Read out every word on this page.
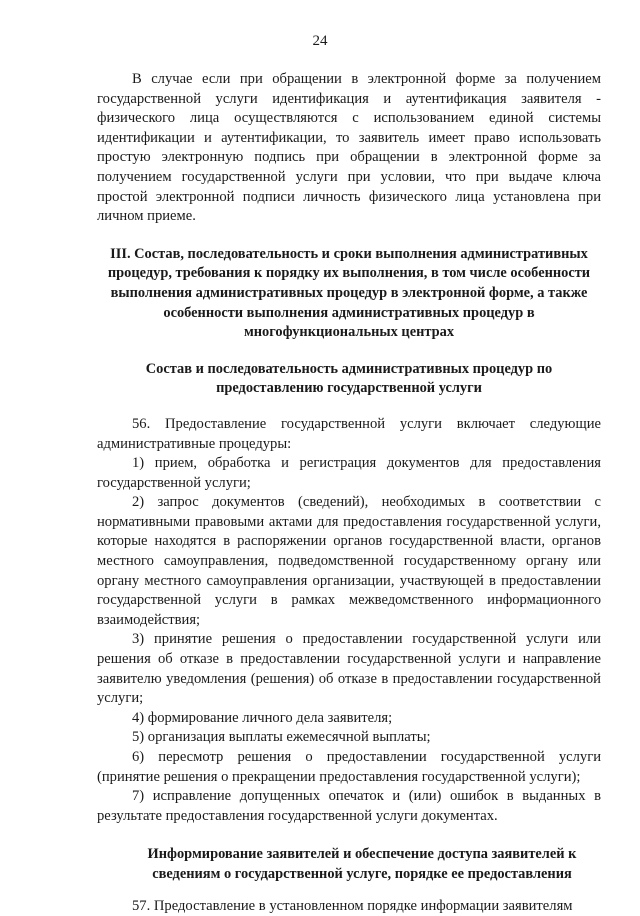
24

В случае если при обращении в электронной форме за получением государственной услуги идентификация и аутентификация заявителя - физического лица осуществляются с использованием единой системы идентификации и аутентификации, то заявитель имеет право использовать простую электронную подпись при обращении в электронной форме за получением государственной услуги при условии, что при выдаче ключа простой электронной подписи личность физического лица установлена при личном приеме.

III. Состав, последовательность и сроки выполнения административных процедур, требования к порядку их выполнения, в том числе особенности выполнения административных процедур в электронной форме, а также особенности выполнения административных процедур в многофункциональных центрах

Состав и последовательность административных процедур по предоставлению государственной услуги

56. Предоставление государственной услуги включает следующие административные процедуры:

1) прием, обработка и регистрация документов для предоставления государственной услуги;

2) запрос документов (сведений), необходимых в соответствии с нормативными правовыми актами для предоставления государственной услуги, которые находятся в распоряжении органов государственной власти, органов местного самоуправления, подведомственной государственному органу или органу местного самоуправления организации, участвующей в предоставлении государственной услуги в рамках межведомственного информационного взаимодействия;

3) принятие решения о предоставлении государственной услуги или решения об отказе в предоставлении государственной услуги и направление заявителю уведомления (решения) об отказе в предоставлении государственной услуги;

4) формирование личного дела заявителя;

5) организация выплаты ежемесячной выплаты;

6) пересмотр решения о предоставлении государственной услуги (принятие решения о прекращении предоставления государственной услуги);

7) исправление допущенных опечаток и (или) ошибок в выданных в результате предоставления государственной услуги документах.

Информирование заявителей и обеспечение доступа заявителей к сведениям о государственной услуге, порядке ее предоставления

57. Предоставление в установленном порядке информации заявителям
